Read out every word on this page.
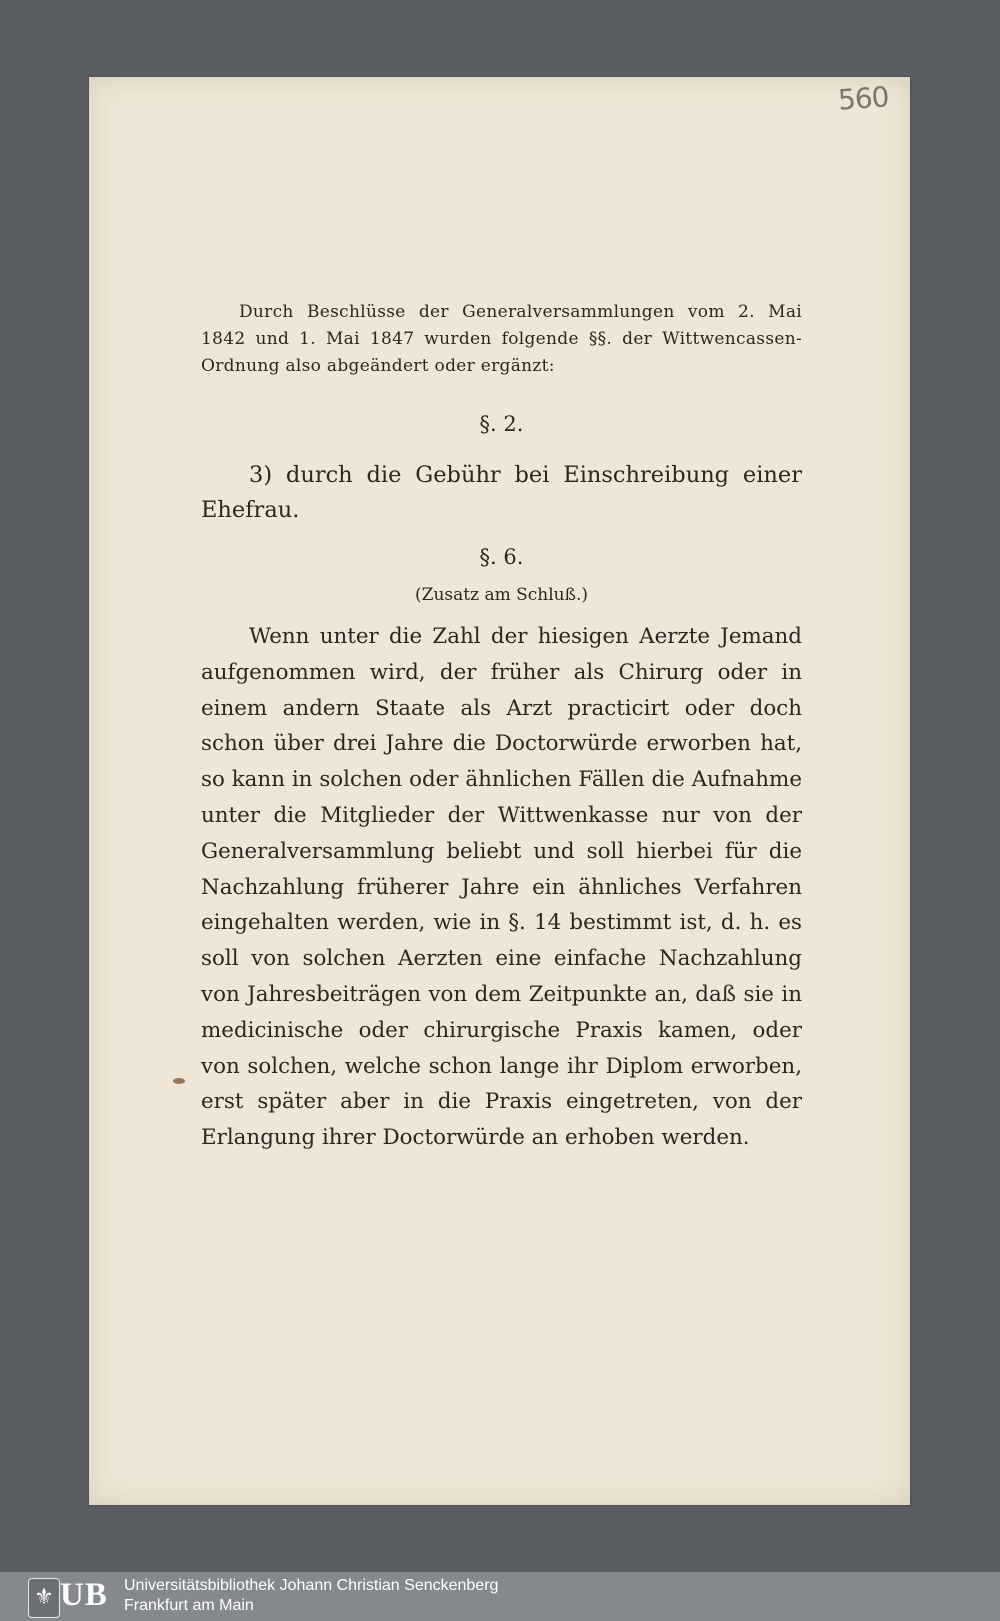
560

Durch Beschlüsse der Generalversammlungen vom 2. Mai 1842 und 1. Mai 1847 wurden folgende §§. der Wittwencassen-Ordnung also abgeändert oder ergänzt:

§. 2.

3) durch die Gebühr bei Einschreibung einer Ehefrau.

§. 6.
(Zusatz am Schluß.)

Wenn unter die Zahl der hiesigen Aerzte Jemand aufgenommen wird, der früher als Chirurg oder in einem andern Staate als Arzt practicirt oder doch schon über drei Jahre die Doctorwürde erworben hat, so kann in solchen oder ähnlichen Fällen die Aufnahme unter die Mitglieder der Wittwenkasse nur von der Generalversammlung beliebt und soll hierbei für die Nachzahlung früherer Jahre ein ähnliches Verfahren eingehalten werden, wie in §. 14 bestimmt ist, d. h. es soll von solchen Aerzten eine einfache Nachzahlung von Jahresbeiträgen von dem Zeitpunkte an, daß sie in medicinische oder chirurgische Praxis kamen, oder von solchen, welche schon lange ihr Diplom erworben, erst später aber in die Praxis eingetreten, von der Erlangung ihrer Doctorwürde an erhoben werden.

⚜ UB Universitätsbibliothek Johann Christian Senckenberg
Frankfurt am Main
